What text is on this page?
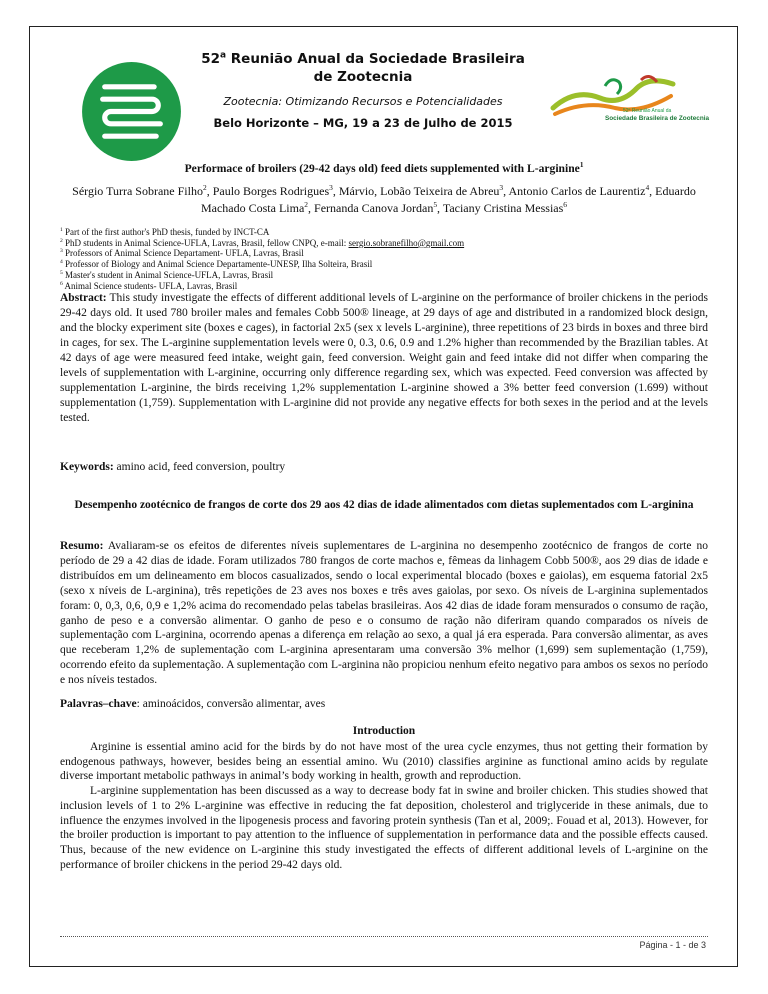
52$^a$ Reunião Anual da Sociedade Brasileira de Zootecnia
Zootecnia: Otimizando Recursos e Potencialidades
Belo Horizonte – MG, 19 a 23 de Julho de 2015
52ª Reunião Anual da
Sociedade Brasileira de Zootecnia
Performace of broilers (29-42 days old) feed diets supplemented with L-arginine$^1$
Sérgio Turra Sobrane Filho$^2$, Paulo Borges Rodrigues$^3$, Márvio, Lobão Teixeira de Abreu$^3$, Antonio Carlos de Laurentiz$^4$, Eduardo Machado Costa Lima$^2$, Fernanda Canova Jordan$^5$, Taciany Cristina Messias$^6$
$^1$ Part of the first author's PhD thesis, funded by INCT-CA
$^2$ PhD students in Animal Science-UFLA, Lavras, Brasil, fellow CNPQ, e-mail: sergio.sobranefilho@gmail.com
$^3$ Professors of Animal Science Departament- UFLA, Lavras, Brasil
$^4$ Professor of Biology and Animal Science Departamente-UNESP, Ilha Solteira, Brasil
$^5$ Master's student in Animal Science-UFLA, Lavras, Brasil
$^6$ Animal Science students- UFLA, Lavras, Brasil
Abstract: This study investigate the effects of different additional levels of L-arginine on the performance of broiler chickens in the periods 29-42 days old. It used 780 broiler males and females Cobb 500® lineage, at 29 days of age and distributed in a randomized block design, and the blocky experiment site (boxes e cages), in factorial 2x5 (sex x levels L-arginine), three repetitions of 23 birds in boxes and three bird in cages, for sex. The L-arginine supplementation levels were 0, 0.3, 0.6, 0.9 and 1.2% higher than recommended by the Brazilian tables. At 42 days of age were measured feed intake, weight gain, feed conversion. Weight gain and feed intake did not differ when comparing the levels of supplementation with L-arginine, occurring only difference regarding sex, which was expected. Feed conversion was affected by supplementation L-arginine, the birds receiving 1,2% supplementation L-arginine showed a 3% better feed conversion (1.699) without supplementation (1,759). Supplementation with L-arginine did not provide any negative effects for both sexes in the period and at the levels tested.
Keywords: amino acid, feed conversion, poultry
Desempenho zootécnico de frangos de corte dos 29 aos 42 dias de idade alimentados com dietas suplementados com L-arginina
Resumo: Avaliaram-se os efeitos de diferentes níveis suplementares de L-arginina no desempenho zootécnico de frangos de corte no período de 29 a 42 dias de idade. Foram utilizados 780 frangos de corte machos e, fêmeas da linhagem Cobb 500®, aos 29 dias de idade e distribuídos em um delineamento em blocos casualizados, sendo o local experimental blocado (boxes e gaiolas), em esquema fatorial 2x5 (sexo x níveis de L-arginina), três repetições de 23 aves nos boxes e três aves gaiolas, por sexo. Os níveis de L-arginina suplementados foram: 0, 0,3, 0,6, 0,9 e 1,2% acima do recomendado pelas tabelas brasileiras. Aos 42 dias de idade foram mensurados o consumo de ração, ganho de peso e a conversão alimentar. O ganho de peso e o consumo de ração não diferiram quando comparados os níveis de suplementação com L-arginina, ocorrendo apenas a diferença em relação ao sexo, a qual já era esperada. Para conversão alimentar, as aves que receberam 1,2% de suplementação com L-arginina apresentaram uma conversão 3% melhor (1,699) sem suplementação (1,759), ocorrendo efeito da suplementação. A suplementação com L-arginina não propiciou nenhum efeito negativo para ambos os sexos no período e nos níveis testados.
Palavras–chave: aminoácidos, conversão alimentar, aves
Introduction

Arginine is essential amino acid for the birds by do not have most of the urea cycle enzymes, thus not getting their formation by endogenous pathways, however, besides being an essential amino. Wu (2010) classifies arginine as functional amino acids by regulate diverse important metabolic pathways in animal’s body working in health, growth and reproduction.

L-arginine supplementation has been discussed as a way to decrease body fat in swine and broiler chicken. This studies showed that inclusion levels of 1 to 2% L-arginine was effective in reducing the fat deposition, cholesterol and triglyceride in these animals, due to influence the enzymes involved in the lipogenesis process and favoring protein synthesis (Tan et al, 2009;. Fouad et al, 2013). However, for the broiler production is important to pay attention to the influence of supplementation in performance data and the possible effects caused. Thus, because of the new evidence on L-arginine this study investigated the effects of different additional levels of L-arginine on the performance of broiler chickens in the period 29-42 days old.

Página - 1 - de 3
